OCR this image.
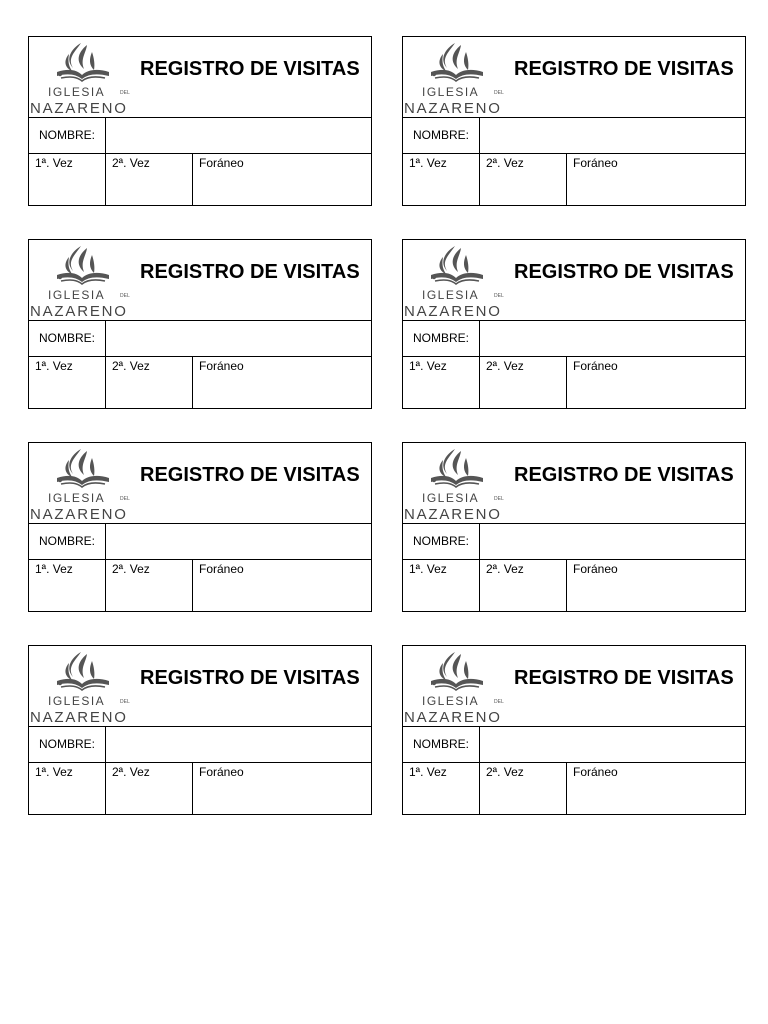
IGLESIA	DEL
NAZARENO
REGISTRO DE VISITAS
NOMBRE:
1ª. Vez	2ª. Vez	Foráneo
IGLESIA	DEL
NAZARENO
REGISTRO DE VISITAS
NOMBRE:
1ª. Vez	2ª. Vez	Foráneo
IGLESIA	DEL
NAZARENO
REGISTRO DE VISITAS
NOMBRE:
1ª. Vez	2ª. Vez	Foráneo
IGLESIA	DEL
NAZARENO
REGISTRO DE VISITAS
NOMBRE:
1ª. Vez	2ª. Vez	Foráneo
IGLESIA	DEL
NAZARENO
REGISTRO DE VISITAS
NOMBRE:
1ª. Vez	2ª. Vez	Foráneo
IGLESIA	DEL
NAZARENO
REGISTRO DE VISITAS
NOMBRE:
1ª. Vez	2ª. Vez	Foráneo
IGLESIA	DEL
NAZARENO
REGISTRO DE VISITAS
NOMBRE:
1ª. Vez	2ª. Vez	Foráneo
IGLESIA	DEL
NAZARENO
REGISTRO DE VISITAS
NOMBRE:
1ª. Vez	2ª. Vez	Foráneo
